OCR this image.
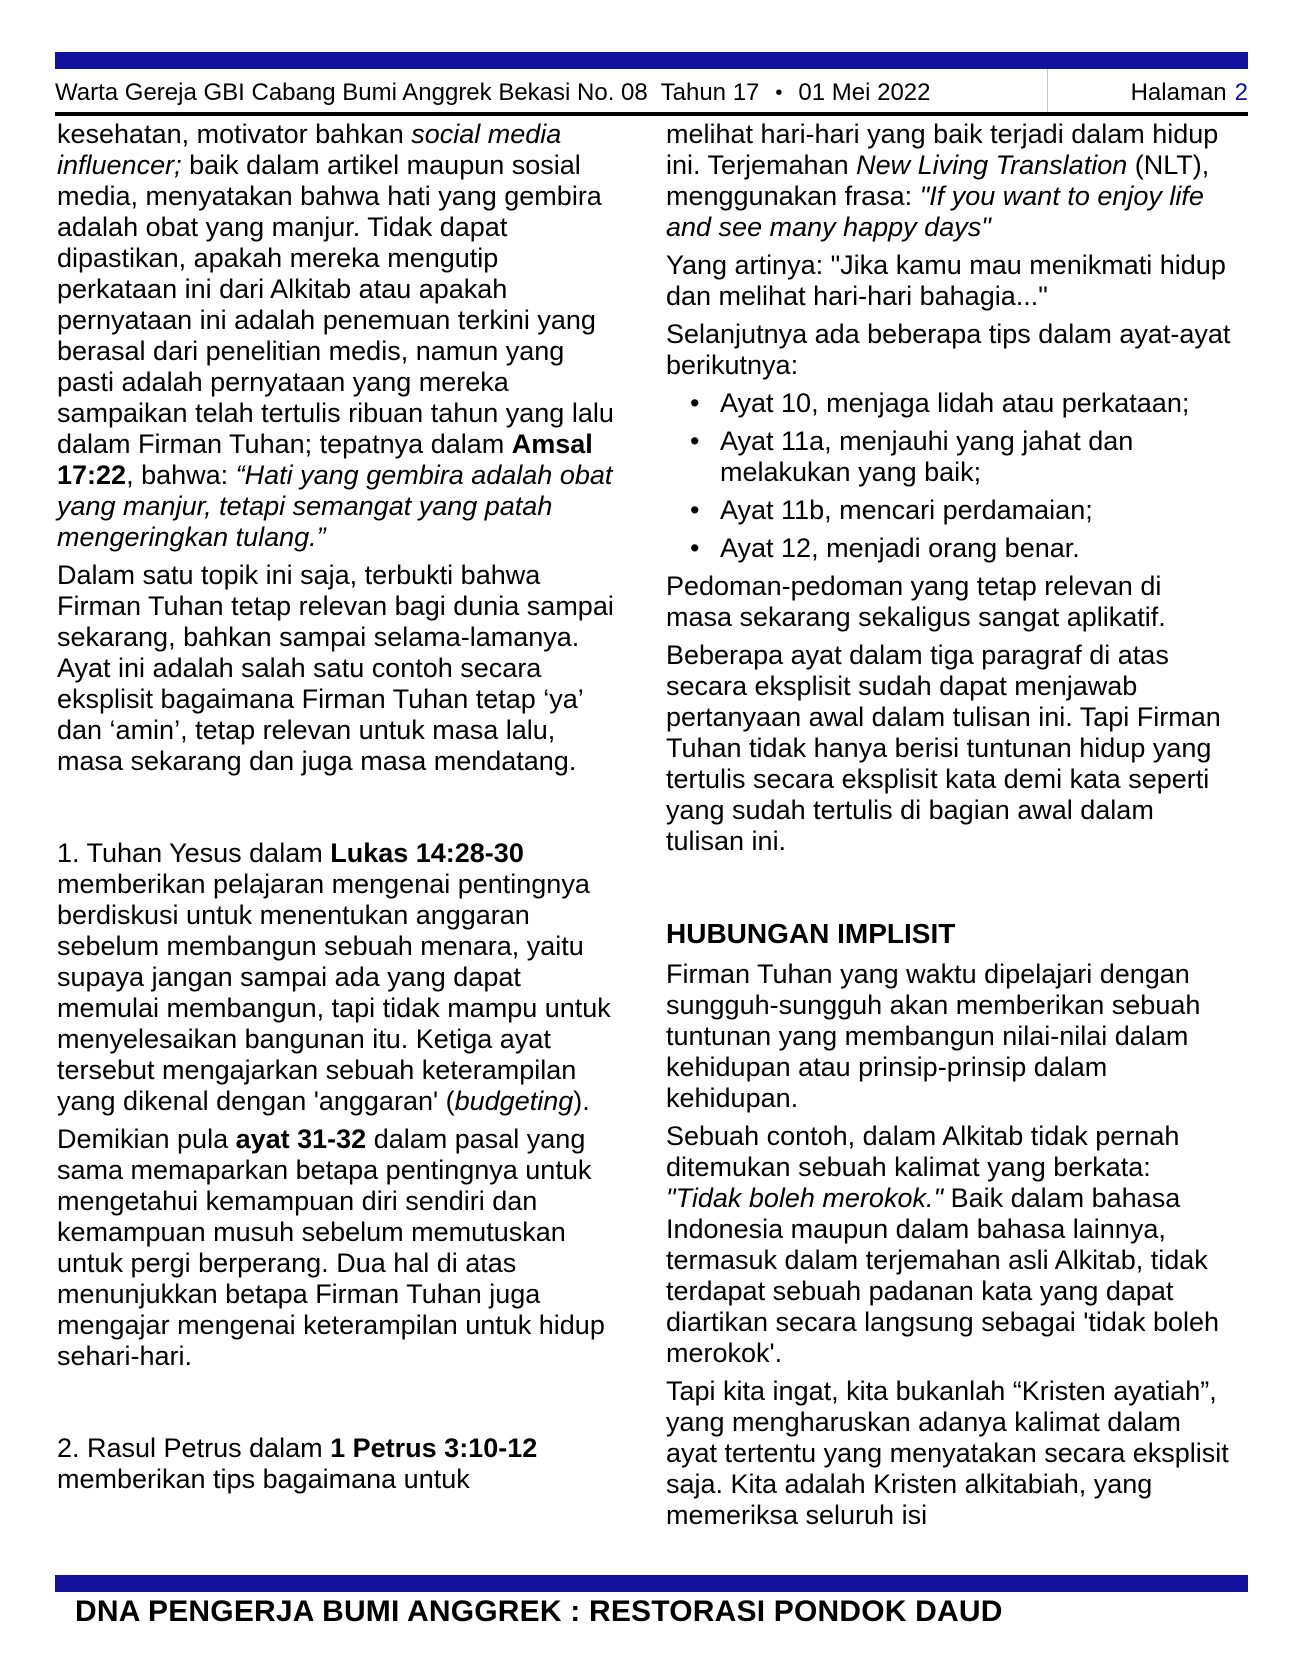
Warta Gereja GBI Cabang Bumi Anggrek Bekasi No. 08  Tahun 17 • 01 Mei 2022	Halaman 2

kesehatan, motivator bahkan social media influencer; baik dalam artikel maupun sosial media, menyatakan bahwa hati yang gembira adalah obat yang manjur. Tidak dapat dipastikan, apakah mereka mengutip perkataan ini dari Alkitab atau apakah pernyataan ini adalah penemuan terkini yang berasal dari penelitian medis, namun yang pasti adalah pernyataan yang mereka sampaikan telah tertulis ribuan tahun yang lalu dalam Firman Tuhan; tepatnya dalam Amsal 17:22, bahwa: “Hati yang gembira adalah obat yang manjur, tetapi semangat yang patah mengeringkan tulang.”

Dalam satu topik ini saja, terbukti bahwa Firman Tuhan tetap relevan bagi dunia sampai sekarang, bahkan sampai selama-lamanya. Ayat ini adalah salah satu contoh secara eksplisit bagaimana Firman Tuhan tetap ‘ya’ dan ‘amin’, tetap relevan untuk masa lalu, masa sekarang dan juga masa mendatang.

1. Tuhan Yesus dalam Lukas 14:28-30 memberikan pelajaran mengenai pentingnya berdiskusi untuk menentukan anggaran sebelum membangun sebuah menara, yaitu supaya jangan sampai ada yang dapat memulai membangun, tapi tidak mampu untuk menyelesaikan bangunan itu. Ketiga ayat tersebut mengajarkan sebuah keterampilan yang dikenal dengan 'anggaran' (budgeting).

Demikian pula ayat 31-32 dalam pasal yang sama memaparkan betapa pentingnya untuk mengetahui kemampuan diri sendiri dan kemampuan musuh sebelum memutuskan untuk pergi berperang. Dua hal di atas menunjukkan betapa Firman Tuhan juga mengajar mengenai keterampilan untuk hidup sehari-hari.

2. Rasul Petrus dalam 1 Petrus 3:10-12 memberikan tips bagaimana untuk

melihat hari-hari yang baik terjadi dalam hidup ini. Terjemahan New Living Translation (NLT), menggunakan frasa: "If you want to enjoy life and see many happy days"

Yang artinya: "Jika kamu mau menikmati hidup dan melihat hari-hari bahagia..."

Selanjutnya ada beberapa tips dalam ayat-ayat berikutnya:

• Ayat 10, menjaga lidah atau perkataan;
• Ayat 11a, menjauhi yang jahat dan melakukan yang baik;
• Ayat 11b, mencari perdamaian;
• Ayat 12, menjadi orang benar.

Pedoman-pedoman yang tetap relevan di masa sekarang sekaligus sangat aplikatif.

Beberapa ayat dalam tiga paragraf di atas secara eksplisit sudah dapat menjawab pertanyaan awal dalam tulisan ini. Tapi Firman Tuhan tidak hanya berisi tuntunan hidup yang tertulis secara eksplisit kata demi kata seperti yang sudah tertulis di bagian awal dalam tulisan ini.

HUBUNGAN IMPLISIT

Firman Tuhan yang waktu dipelajari dengan sungguh-sungguh akan memberikan sebuah tuntunan yang membangun nilai-nilai dalam kehidupan atau prinsip-prinsip dalam kehidupan.

Sebuah contoh, dalam Alkitab tidak pernah ditemukan sebuah kalimat yang berkata: "Tidak boleh merokok." Baik dalam bahasa Indonesia maupun dalam bahasa lainnya, termasuk dalam terjemahan asli Alkitab, tidak terdapat sebuah padanan kata yang dapat diartikan secara langsung sebagai 'tidak boleh merokok'.

Tapi kita ingat, kita bukanlah “Kristen ayatiah”, yang mengharuskan adanya kalimat dalam ayat tertentu yang menyatakan secara eksplisit saja. Kita adalah Kristen alkitabiah, yang memeriksa seluruh isi

DNA PENGERJA BUMI ANGGREK : RESTORASI PONDOK DAUD
